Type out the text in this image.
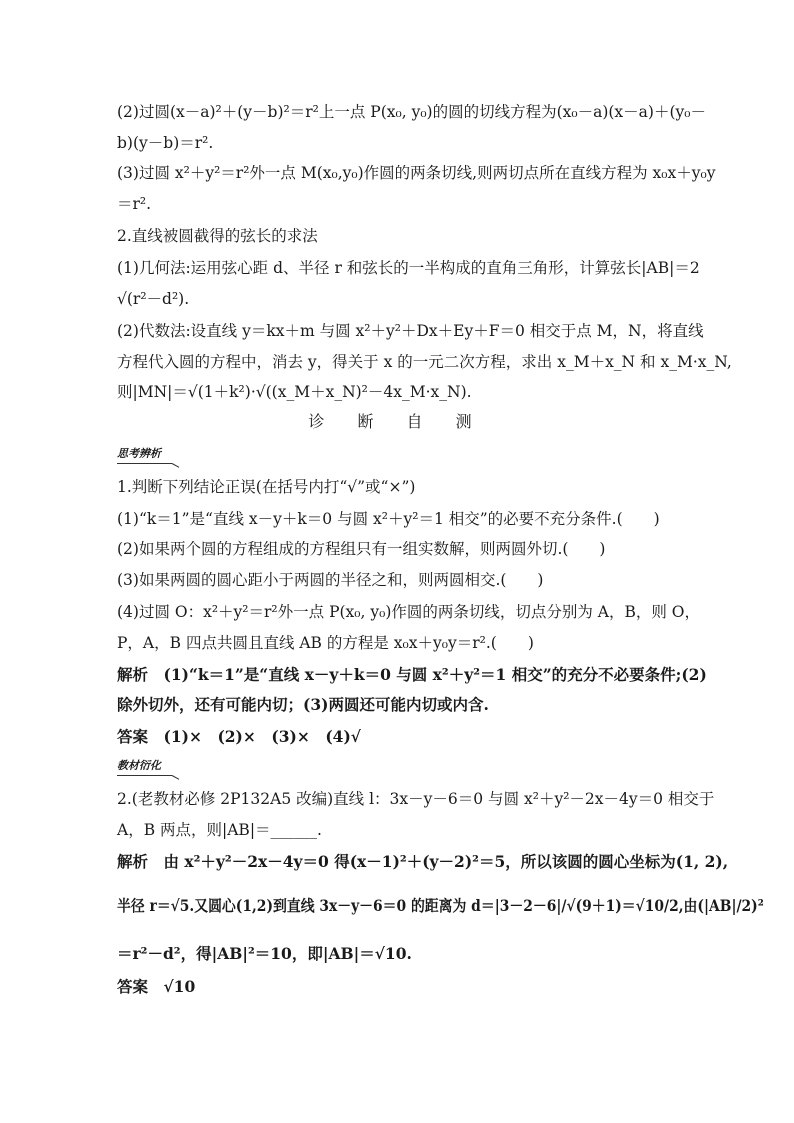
(2)过圆(x－a)²＋(y－b)²＝r²上一点 P(x₀, y₀)的圆的切线方程为(x₀－a)(x－a)＋(y₀－
b)(y－b)＝r².
(3)过圆 x²＋y²＝r²外一点 M(x₀,y₀)作圆的两条切线,则两切点所在直线方程为 x₀x＋y₀y
＝r².
2.直线被圆截得的弦长的求法
(1)几何法:运用弦心距 d、半径 r 和弦长的一半构成的直角三角形，计算弦长|AB|＝2
√(r²－d²).
(2)代数法:设直线 y＝kx＋m 与圆 x²＋y²＋Dx＋Ey＋F＝0 相交于点 M，N，将直线
方程代入圆的方程中，消去 y，得关于 x 的一元二次方程，求出 x_M＋x_N 和 x_M·x_N,
则|MN|＝√(1＋k²)·√((x_M＋x_N)²－4x_M·x_N).
诊 断 自 测
思考辨析
1.判断下列结论正误(在括号内打“√”或“×”)
(1)“k＝1”是“直线 x－y＋k＝0 与圆 x²＋y²＝1 相交”的必要不充分条件.(　　)
(2)如果两个圆的方程组成的方程组只有一组实数解，则两圆外切.(　　)
(3)如果两圆的圆心距小于两圆的半径之和，则两圆相交.(　　)
(4)过圆 O：x²＋y²＝r²外一点 P(x₀, y₀)作圆的两条切线，切点分别为 A，B，则 O，
P，A，B 四点共圆且直线 AB 的方程是 x₀x＋y₀y＝r².(　　)
解析　(1)“k＝1”是“直线 x－y＋k＝0 与圆 x²＋y²＝1 相交”的充分不必要条件;(2)
除外切外，还有可能内切；(3)两圆还可能内切或内含.
答案　(1)×　(2)×　(3)×　(4)√
教材衍化
2.(老教材必修 2P132A5 改编)直线 l：3x－y－6＝0 与圆 x²＋y²－2x－4y＝0 相交于
A，B 两点，则|AB|＝______.
解析　由 x²＋y²－2x－4y＝0 得(x－1)²＋(y－2)²＝5，所以该圆的圆心坐标为(1, 2),
半径 r＝√5.又圆心(1,2)到直线 3x－y－6＝0 的距离为 d＝|3－2－6|/√(9＋1)＝√10/2,由(|AB|/2)²
＝r²－d²，得|AB|²＝10，即|AB|＝√10.
答案　√10
